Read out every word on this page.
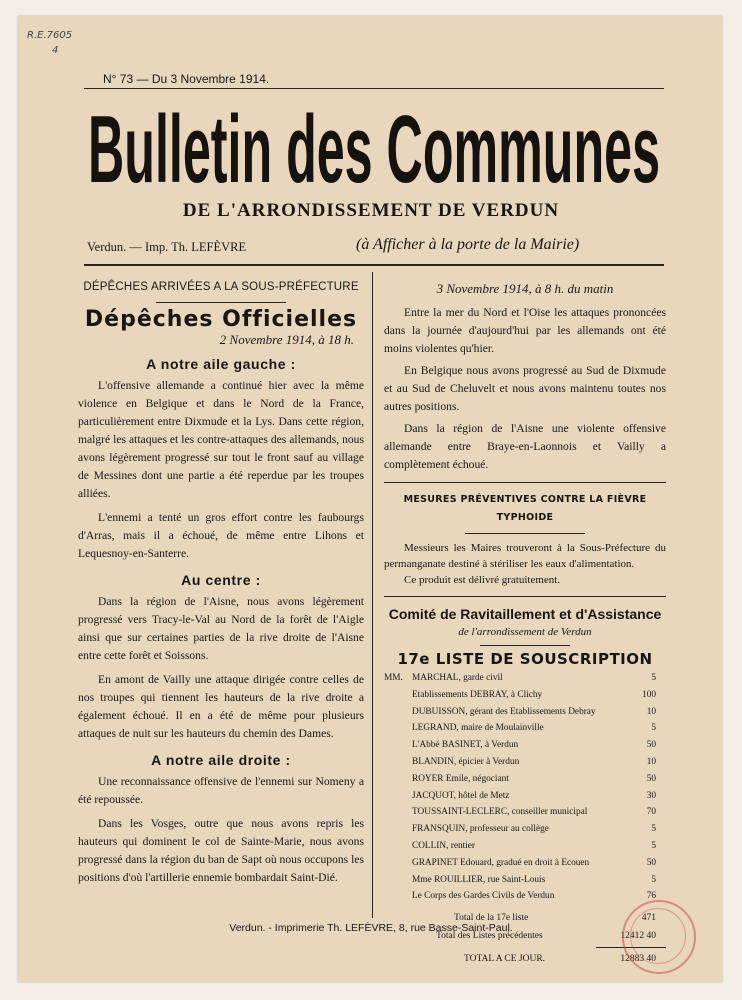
R.E.7605
4
N° 73 — Du 3 Novembre 1914.
Bulletin des Communes
DE L'ARRONDISSEMENT DE VERDUN
Verdun. — Imp. Th. LEFÈVRE	(à Afficher à la porte de la Mairie)
DÉPÊCHES ARRIVÉES A LA SOUS-PRÉFECTURE
Dépêches Officielles
2 Novembre 1914, à 18 h.
A notre aile gauche :

L'offensive allemande a continué hier avec la même violence en Belgique et dans le Nord de la France, particulièrement entre Dixmude et la Lys. Dans cette région, malgré les attaques et les contre-attaques des allemands, nous avons légèrement progressé sur tout le front sauf au village de Messines dont une partie a été reperdue par les troupes alliées.

L'ennemi a tenté un gros effort contre les faubourgs d'Arras, mais il a échoué, de même entre Lihons et Lequesnoy-en-Santerre.

Au centre :

Dans la région de l'Aisne, nous avons légèrement progressé vers Tracy-le-Val au Nord de la forêt de l'Aigle ainsi que sur certaines parties de la rive droite de l'Aisne entre cette forêt et Soissons.

En amont de Vailly une attaque dirigée contre celles de nos troupes qui tiennent les hauteurs de la rive droite a également échoué. Il en a été de même pour plusieurs attaques de nuit sur les hauteurs du chemin des Dames.

A notre aile droite :

Une reconnaissance offensive de l'ennemi sur Nomeny a été repoussée.

Dans les Vosges, outre que nous avons repris les hauteurs qui dominent le col de Sainte-Marie, nous avons progressé dans la région du ban de Sapt où nous occupons les positions d'où l'artillerie ennemie bombardait Saint-Dié.

3 Novembre 1914, à 8 h. du matin

Entre la mer du Nord et l'Oise les attaques prononcées dans la journée d'aujourd'hui par les allemands ont été moins violentes qu'hier.

En Belgique nous avons progressé au Sud de Dixmude et au Sud de Cheluvelt et nous avons maintenu toutes nos autres positions.

Dans la région de l'Aisne une violente offensive allemande entre Braye-en-Laonnois et Vailly a complètement échoué.

MESURES PRÉVENTIVES CONTRE LA FIÈVRE TYPHOIDE

Messieurs les Maires trouveront à la Sous-Préfecture du permanganate destiné à stériliser les eaux d'alimentation.

Ce produit est délivré gratuitement.

Comité de Ravitaillement et d'Assistance
de l'arrondissement de Verdun
17e LISTE DE SOUSCRIPTION
MM. MARCHAL, garde civil	5
Etablissements DEBRAY, à Clichy	100
DUBUISSON, gérant des Etablissements Debray	10
LEGRAND, maire de Moulainville	5
L'Abbé BASINET, à Verdun	50
BLANDIN, épicier à Verdun	10
ROYER Emile, négociant	50
JACQUOT, hôtel de Metz	30
TOUSSAINT-LECLERC, conseiller municipal	70
FRANSQUIN, professeur au collège	5
COLLIN, rentier	5
GRAPINET Edouard, gradué en droit à Ecouen	50
Mme ROUILLIER, rue Saint-Louis	5
Le Corps des Gardes Civils de Verdun	76
Total de la 17e liste	471
Total des Listes précédentes	12412 40
TOTAL A CE JOUR.	12883 40
Verdun. - Imprimerie Th. LEFÈVRE, 8, rue Basse-Saint-Paul.
